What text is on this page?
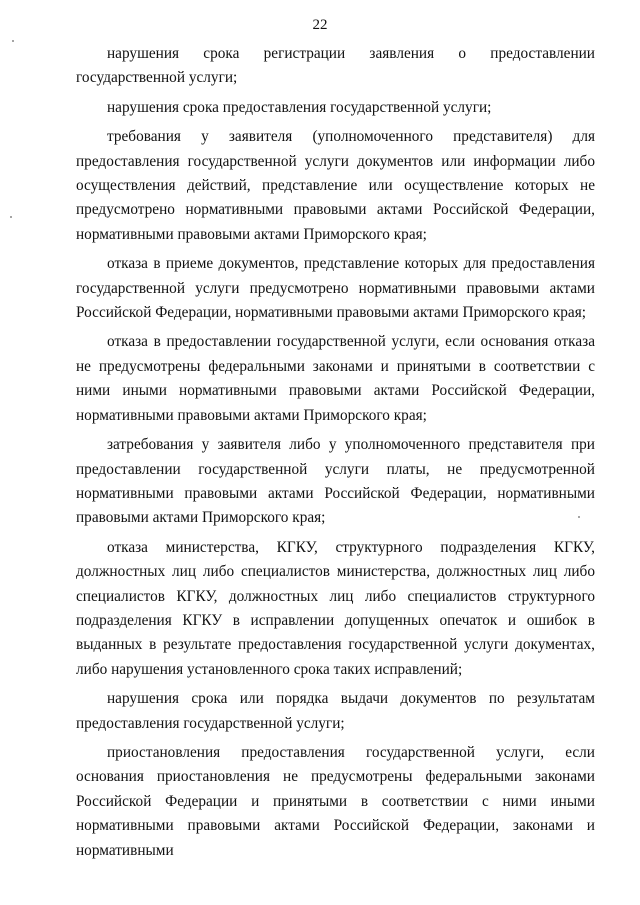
22

нарушения срока регистрации заявления о предоставлении государственной услуги;

нарушения срока предоставления государственной услуги;

требования у заявителя (уполномоченного представителя) для предоставления государственной услуги документов или информации либо осуществления действий, представление или осуществление которых не предусмотрено нормативными правовыми актами Российской Федерации, нормативными правовыми актами Приморского края;

отказа в приеме документов, представление которых для предоставления государственной услуги предусмотрено нормативными правовыми актами Российской Федерации, нормативными правовыми актами Приморского края;

отказа в предоставлении государственной услуги, если основания отказа не предусмотрены федеральными законами и принятыми в соответствии с ними иными нормативными правовыми актами Российской Федерации, нормативными правовыми актами Приморского края;

затребования у заявителя либо у уполномоченного представителя при предоставлении государственной услуги платы, не предусмотренной нормативными правовыми актами Российской Федерации, нормативными правовыми актами Приморского края;

отказа министерства, КГКУ, структурного подразделения КГКУ, должностных лиц либо специалистов министерства, должностных лиц либо специалистов КГКУ, должностных лиц либо специалистов структурного подразделения КГКУ в исправлении допущенных опечаток и ошибок в выданных в результате предоставления государственной услуги документах, либо нарушения установленного срока таких исправлений;

нарушения срока или порядка выдачи документов по результатам предоставления государственной услуги;

приостановления предоставления государственной услуги, если основания приостановления не предусмотрены федеральными законами Российской Федерации и принятыми в соответствии с ними иными нормативными правовыми актами Российской Федерации, законами и нормативными
